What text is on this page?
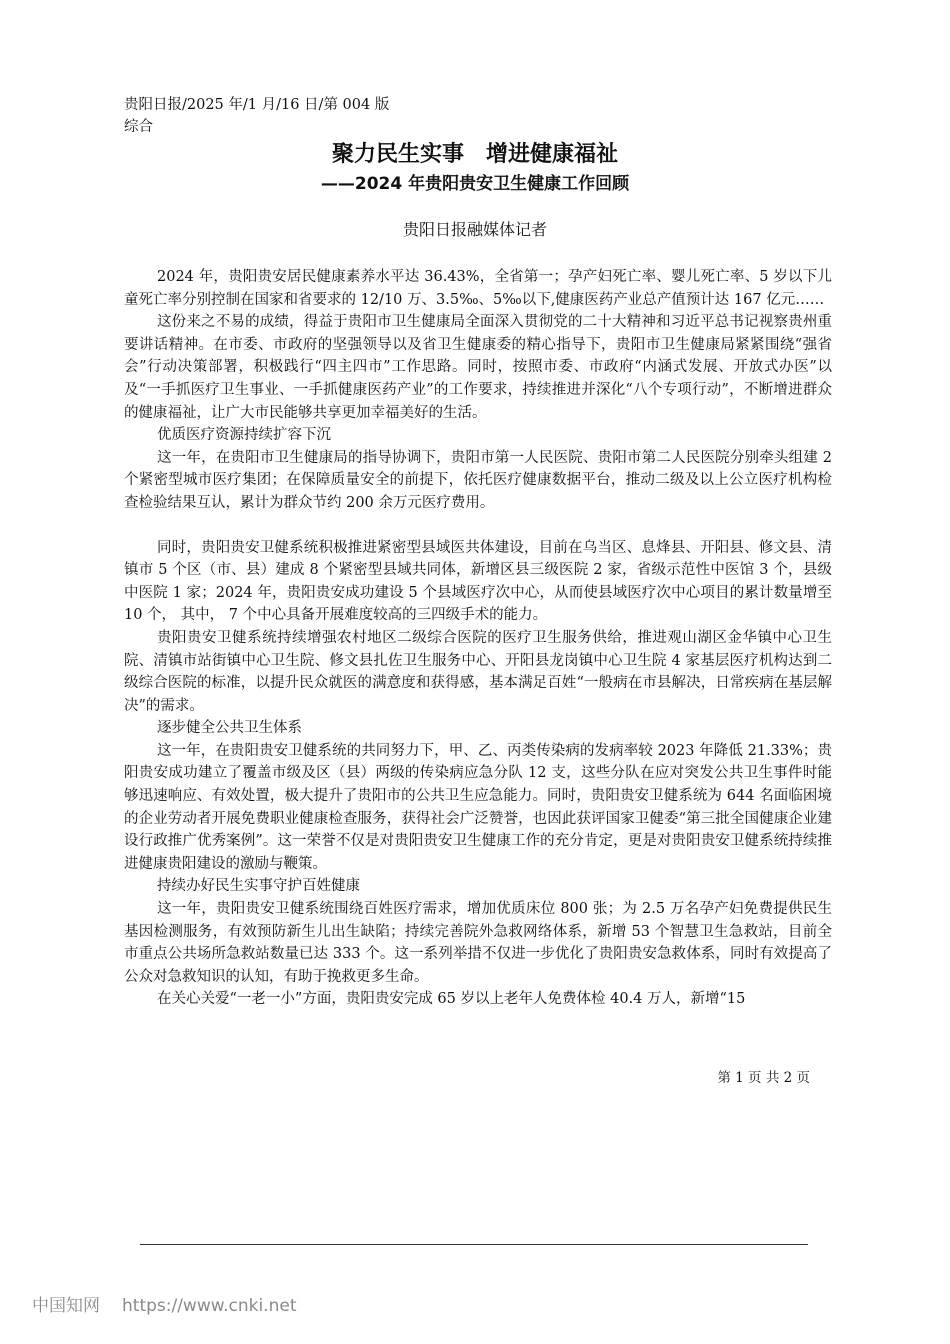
贵阳日报/2025 年/1 月/16 日/第 004 版综合
聚力民生实事　增进健康福祉
——2024 年贵阳贵安卫生健康工作回顾
贵阳日报融媒体记者

2024 年，贵阳贵安居民健康素养水平达 36.43%，全省第一；孕产妇死亡率、婴儿死亡率、5 岁以下儿童死亡率分别控制在国家和省要求的 12/10 万、3.5‰、5‰以下,健康医药产业总产值预计达 167 亿元……

这份来之不易的成绩，得益于贵阳市卫生健康局全面深入贯彻党的二十大精神和习近平总书记视察贵州重要讲话精神。在市委、市政府的坚强领导以及省卫生健康委的精心指导下，贵阳市卫生健康局紧紧围绕“强省会”行动决策部署，积极践行“四主四市”工作思路。同时，按照市委、市政府“内涵式发展、开放式办医”以及“一手抓医疗卫生事业、一手抓健康医药产业”的工作要求，持续推进并深化“八个专项行动”，不断增进群众的健康福祉，让广大市民能够共享更加幸福美好的生活。

优质医疗资源持续扩容下沉

这一年，在贵阳市卫生健康局的指导协调下，贵阳市第一人民医院、贵阳市第二人民医院分别牵头组建 2 个紧密型城市医疗集团；在保障质量安全的前提下，依托医疗健康数据平台，推动二级及以上公立医疗机构检查检验结果互认，累计为群众节约 200 余万元医疗费用。

同时，贵阳贵安卫健系统积极推进紧密型县域医共体建设，目前在乌当区、息烽县、开阳县、修文县、清镇市 5 个区（市、县）建成 8 个紧密型县域共同体，新增区县三级医院 2 家，省级示范性中医馆 3 个，县级中医院 1 家；2024 年，贵阳贵安成功建设 5 个县域医疗次中心，从而使县域医疗次中心项目的累计数量增至 10 个， 其中， 7 个中心具备开展难度较高的三四级手术的能力。

贵阳贵安卫健系统持续增强农村地区二级综合医院的医疗卫生服务供给，推进观山湖区金华镇中心卫生院、清镇市站街镇中心卫生院、修文县扎佐卫生服务中心、开阳县龙岗镇中心卫生院 4 家基层医疗机构达到二级综合医院的标准，以提升民众就医的满意度和获得感，基本满足百姓“一般病在市县解决，日常疾病在基层解决”的需求。

逐步健全公共卫生体系

这一年，在贵阳贵安卫健系统的共同努力下，甲、乙、丙类传染病的发病率较 2023 年降低 21.33%；贵阳贵安成功建立了覆盖市级及区（县）两级的传染病应急分队 12 支，这些分队在应对突发公共卫生事件时能够迅速响应、有效处置，极大提升了贵阳市的公共卫生应急能力。同时，贵阳贵安卫健系统为 644 名面临困境的企业劳动者开展免费职业健康检查服务，获得社会广泛赞誉，也因此获评国家卫健委“第三批全国健康企业建设行政推广优秀案例”。这一荣誉不仅是对贵阳贵安卫生健康工作的充分肯定，更是对贵阳贵安卫健系统持续推进健康贵阳建设的激励与鞭策。

持续办好民生实事守护百姓健康

这一年，贵阳贵安卫健系统围绕百姓医疗需求，增加优质床位 800 张；为 2.5 万名孕产妇免费提供民生基因检测服务，有效预防新生儿出生缺陷；持续完善院外急救网络体系，新增 53 个智慧卫生急救站，目前全市重点公共场所急救站数量已达 333 个。这一系列举措不仅进一步优化了贵阳贵安急救体系，同时有效提高了公众对急救知识的认知，有助于挽救更多生命。

在关心关爱“一老一小”方面，贵阳贵安完成 65 岁以上老年人免费体检 40.4 万人，新增“15

第 1 页 共 2 页
中国知网 https://www.cnki.net
